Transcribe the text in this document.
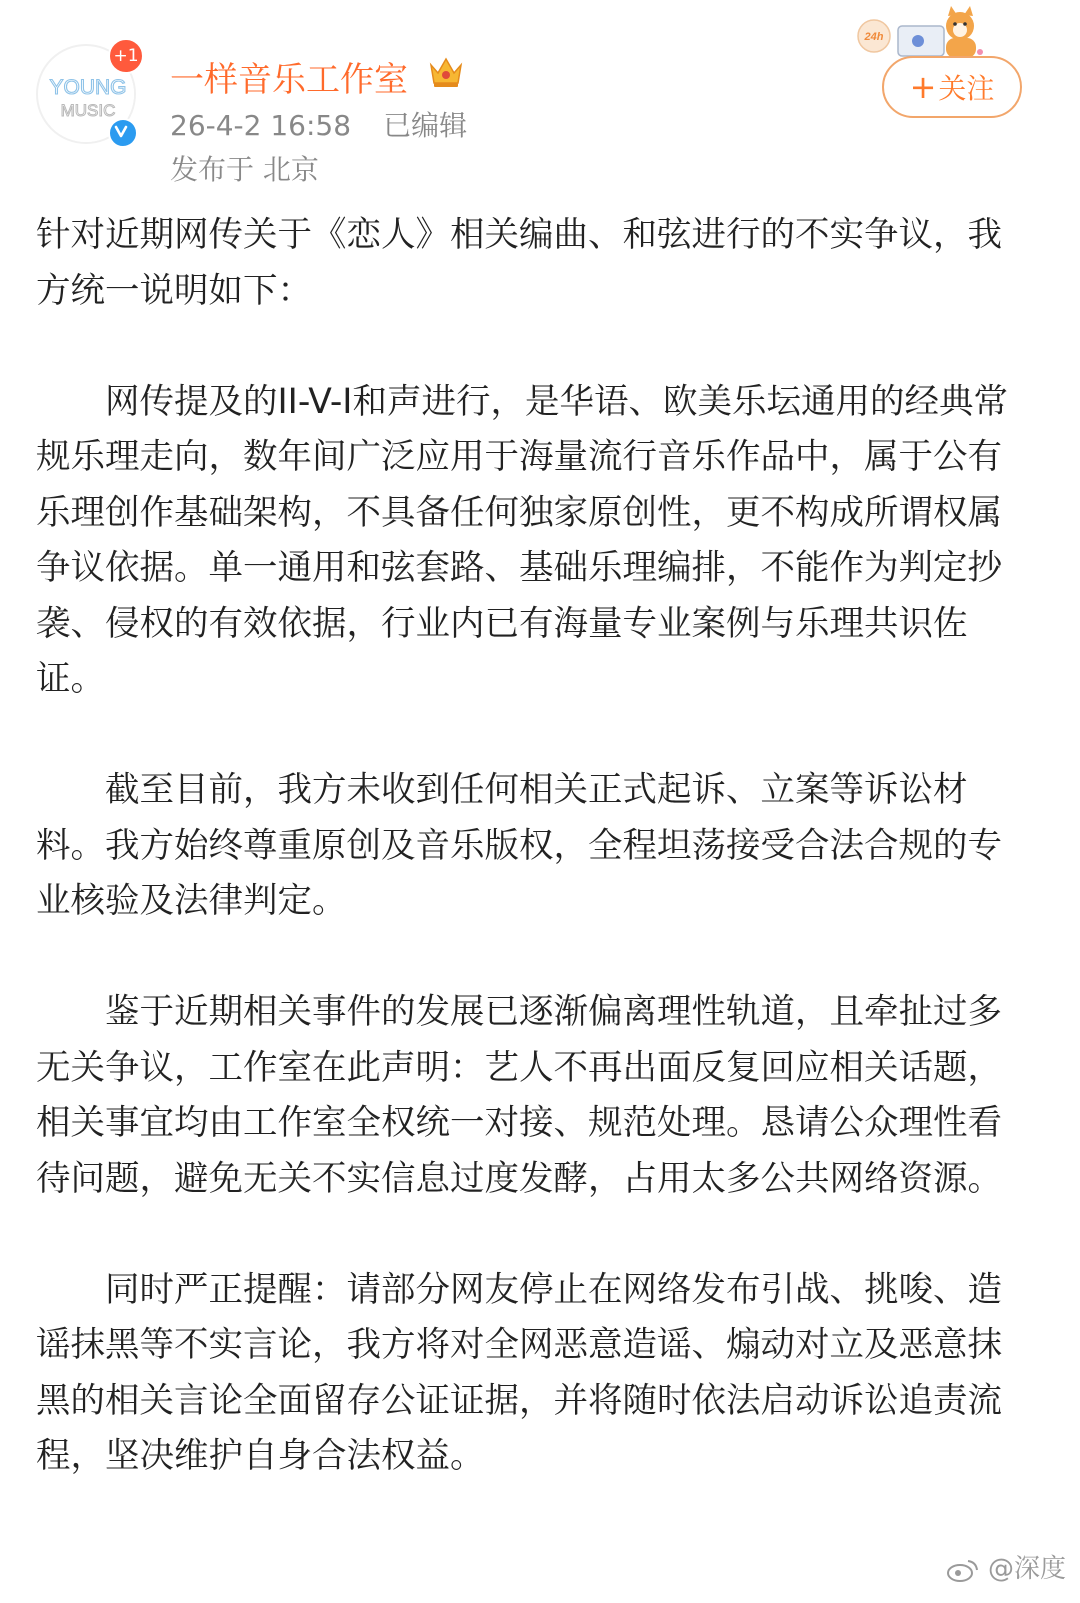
YOUNG
MUSIC
+1
一样音乐工作室
26-4-2 16:58 已编辑
发布于 北京
24h
+关注

针对近期网传关于《恋人》相关编曲、和弦进行的不实争议，我方统一说明如下：

　　网传提及的II-V-I和声进行，是华语、欧美乐坛通用的经典常规乐理走向，数年间广泛应用于海量流行音乐作品中，属于公有乐理创作基础架构，不具备任何独家原创性，更不构成所谓权属争议依据。单一通用和弦套路、基础乐理编排，不能作为判定抄袭、侵权的有效依据，行业内已有海量专业案例与乐理共识佐证。

　　截至目前，我方未收到任何相关正式起诉、立案等诉讼材料。我方始终尊重原创及音乐版权，全程坦荡接受合法合规的专业核验及法律判定。

　　鉴于近期相关事件的发展已逐渐偏离理性轨道，且牵扯过多无关争议，工作室在此声明：艺人不再出面反复回应相关话题，相关事宜均由工作室全权统一对接、规范处理。恳请公众理性看待问题，避免无关不实信息过度发酵，占用太多公共网络资源。

　　同时严正提醒：请部分网友停止在网络发布引战、挑唆、造谣抹黑等不实言论，我方将对全网恶意造谣、煽动对立及恶意抹黑的相关言论全面留存公证证据，并将随时依法启动诉讼追责流程，坚决维护自身合法权益。

@深度
